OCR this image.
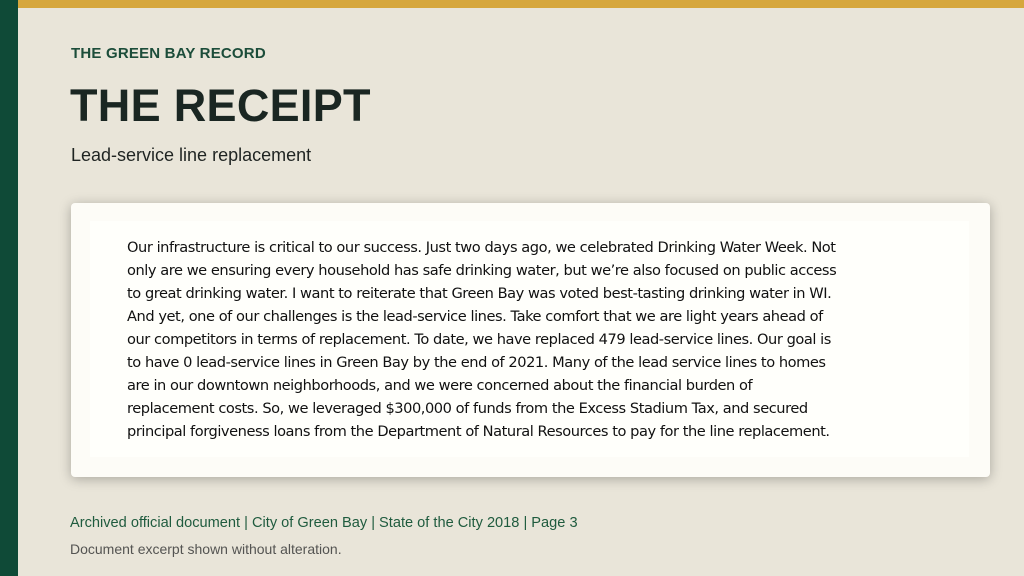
THE GREEN BAY RECORD
THE RECEIPT
Lead-service line replacement
Our infrastructure is critical to our success. Just two days ago, we celebrated Drinking Water Week. Not
only are we ensuring every household has safe drinking water, but we’re also focused on public access
to great drinking water. I want to reiterate that Green Bay was voted best-tasting drinking water in WI.
And yet, one of our challenges is the lead-service lines. Take comfort that we are light years ahead of
our competitors in terms of replacement. To date, we have replaced 479 lead-service lines. Our goal is
to have 0 lead-service lines in Green Bay by the end of 2021. Many of the lead service lines to homes
are in our downtown neighborhoods, and we were concerned about the financial burden of
replacement costs. So, we leveraged $300,000 of funds from the Excess Stadium Tax, and secured
principal forgiveness loans from the Department of Natural Resources to pay for the line replacement.
Archived official document | City of Green Bay | State of the City 2018 | Page 3
Document excerpt shown without alteration.
